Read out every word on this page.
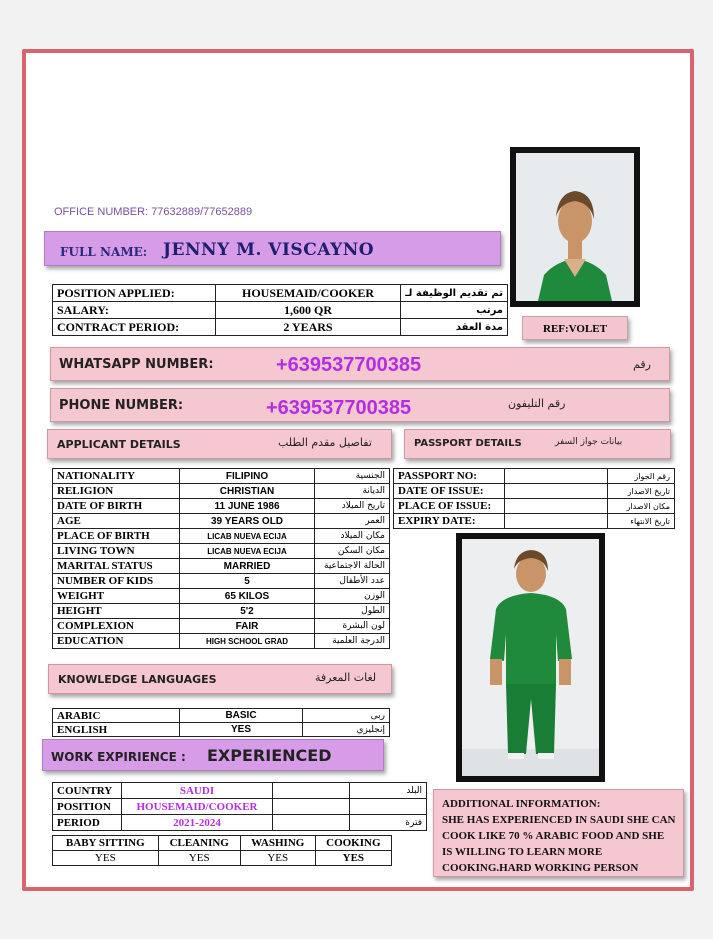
OFFICE NUMBER: 77632889/77652889
FULL NAME: JENNY M. VISCAYNO
POSITION APPLIED:	HOUSEMAID/COOKER	تم تقديم الوظيفة لـ
SALARY:	1,600 QR	مرتب
CONTRACT PERIOD:	2 YEARS	مدة العقد	REF:VOLET
WHATSAPP NUMBER:	+639537700385	رقم
PHONE NUMBER:	+639537700385	رقم التليفون
APPLICANT DETAILS	تفاصيل مقدم الطلب	PASSPORT DETAILS	بيانات جواز السفر
NATIONALITY	FILIPINO	الجنسية
RELIGION	CHRISTIAN	الديانة
DATE OF BIRTH	11 JUNE 1986	تاريخ الميلاد
AGE	39 YEARS OLD	العمر
PLACE OF BIRTH	LICAB NUEVA ECIJA	مكان الميلاد
LIVING TOWN	LICAB NUEVA ECIJA	مكان السكن
MARITAL STATUS	MARRIED	الحالة الاجتماعية
NUMBER OF KIDS	5	عدد الأطفال
WEIGHT	65 KILOS	الوزن
HEIGHT	5'2	الطول
COMPLEXION	FAIR	لون البشرة
EDUCATION	HIGH SCHOOL GRAD	الدرجة العلمية
PASSPORT NO:		رقم الجواز
DATE OF ISSUE:		تاريخ الاصدار
PLACE OF ISSUE:		مكان الاصدار
EXPIRY DATE:		تاريخ الانتهاء
KNOWLEDGE LANGUAGES	لغات المعرفة
ARABIC	BASIC	ربى
ENGLISH	YES	إنجليزي
WORK EXPIRIENCE : EXPERIENCED
COUNTRY	SAUDI		البلد
POSITION	HOUSEMAID/COOKER		
PERIOD	2021-2024		فترة
BABY SITTING	CLEANING	WASHING	COOKING
YES	YES	YES	YES
ADDITIONAL INFORMATION:
SHE HAS EXPERIENCED IN SAUDI SHE CAN COOK LIKE 70 % ARABIC FOOD AND SHE IS WILLING TO LEARN MORE COOKING.HARD WORKING PERSON
